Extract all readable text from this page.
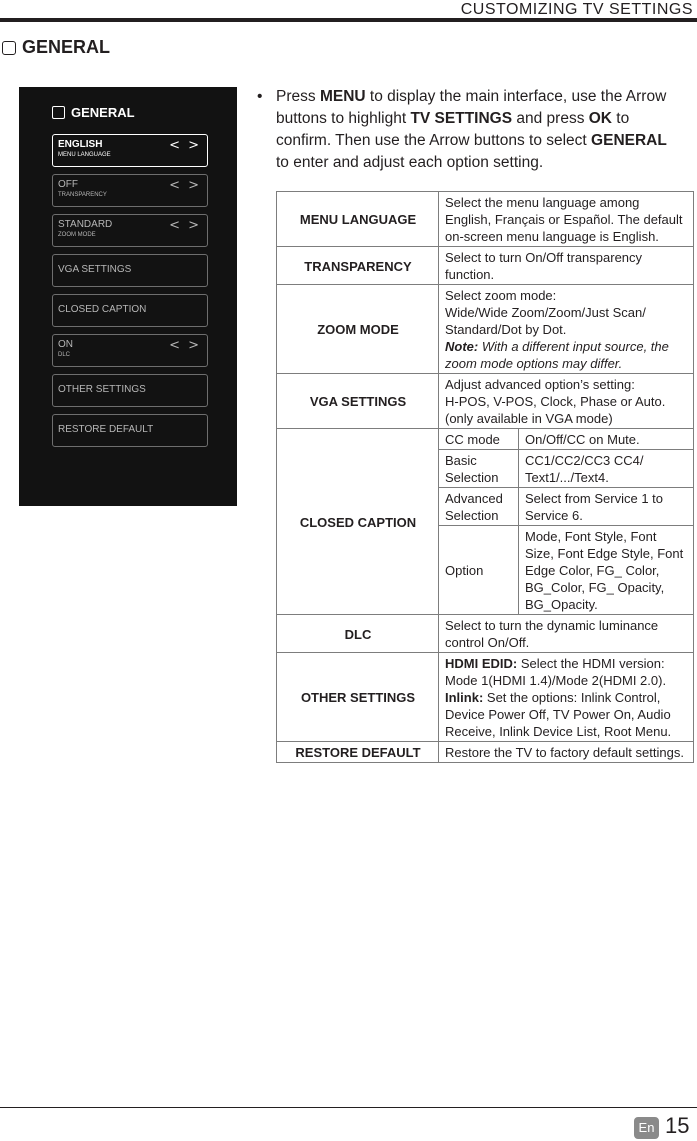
CUSTOMIZING TV SETTINGS
GENERAL
GENERAL
ENGLISH
MENU LANGUAGE
< >
OFF
TRANSPARENCY
< >
STANDARD
ZOOM MODE
< >
VGA SETTINGS
CLOSED CAPTION
ON
DLC
< >
OTHER SETTINGS
RESTORE DEFAULT
• Press MENU to display the main interface, use the Arrow buttons to highlight TV SETTINGS and press OK to confirm. Then use the Arrow buttons to select GENERAL to enter and adjust each option setting.
MENU LANGUAGE	Select the menu language among English, Français or Español. The default on-screen menu language is English.	
TRANSPARENCY	Select to turn On/Off transparency function.	
ZOOM MODE	Select zoom mode:
Wide/Wide Zoom/Zoom/Just Scan/ Standard/Dot by Dot.
Note: With a different input source, the zoom mode options may differ.	

VGA SETTINGS	Adjust advanced option’s setting:
H-POS, V-POS, Clock, Phase or Auto.
(only available in VGA mode)	

CLOSED CAPTION	CC mode	On/Off/CC on Mute.
	Basic Selection	CC1/CC2/CC3 CC4/ Text1/.../Text4.
	Advanced Selection	Select from Service 1 to Service 6.
	Option	Mode, Font Style, Font Size, Font Edge Style, Font Edge Color, FG_ Color, BG_Color, FG_ Opacity, BG_Opacity.
DLC	Select to turn the dynamic luminance control On/Off.	
OTHER SETTINGS	HDMI EDID: Select the HDMI version: Mode 1(HDMI 1.4)/Mode 2(HDMI 2.0).
Inlink: Set the options: Inlink Control, Device Power Off, TV Power On, Audio Receive, Inlink Device List, Root Menu.	

RESTORE DEFAULT	Restore the TV to factory default settings.	
En 15
